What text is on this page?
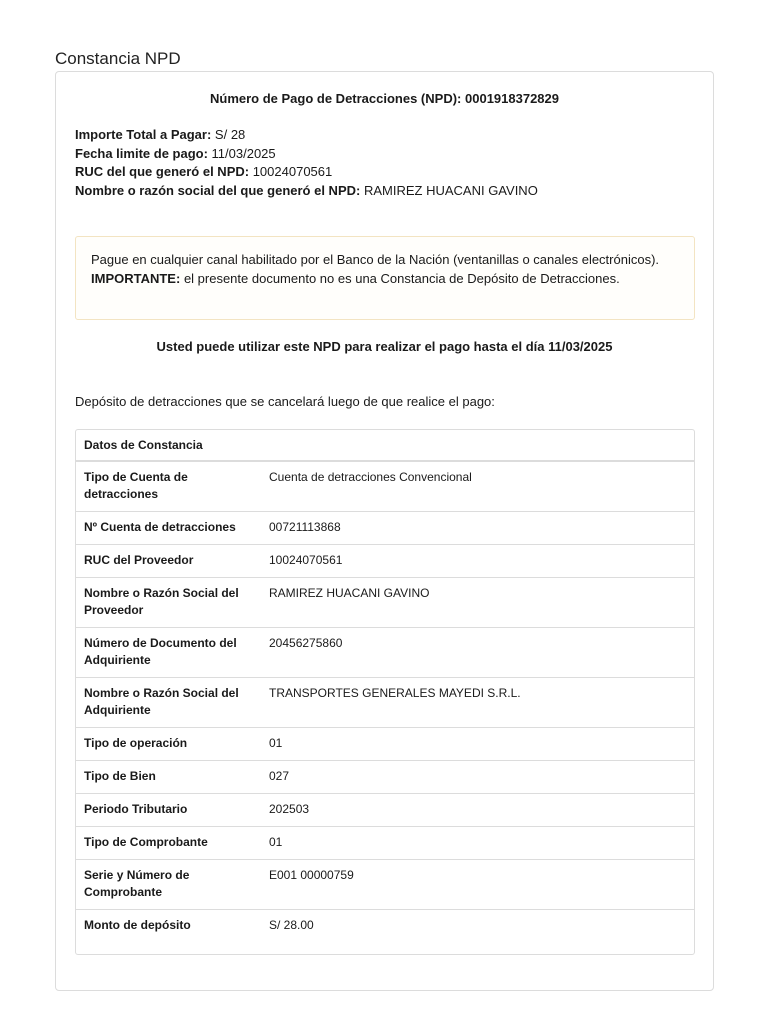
Constancia NPD
Número de Pago de Detracciones (NPD): 0001918372829
Importe Total a Pagar: S/ 28
Fecha limite de pago: 11/03/2025
RUC del que generó el NPD: 10024070561
Nombre o razón social del que generó el NPD: RAMIREZ HUACANI GAVINO
Pague en cualquier canal habilitado por el Banco de la Nación (ventanillas o canales electrónicos).
IMPORTANTE: el presente documento no es una Constancia de Depósito de Detracciones.
Usted puede utilizar este NPD para realizar el pago hasta el día 11/03/2025
Depósito de detracciones que se cancelará luego de que realice el pago:
Datos de Constancia
Tipo de Cuenta de detracciones	Cuenta de detracciones Convencional
Nº Cuenta de detracciones	00721113868
RUC del Proveedor	10024070561
Nombre o Razón Social del Proveedor	RAMIREZ HUACANI GAVINO
Número de Documento del Adquiriente	20456275860
Nombre o Razón Social del Adquiriente	TRANSPORTES GENERALES MAYEDI S.R.L.
Tipo de operación	01
Tipo de Bien	027
Periodo Tributario	202503
Tipo de Comprobante	01
Serie y Número de Comprobante	E001 00000759
Monto de depósito	S/ 28.00
